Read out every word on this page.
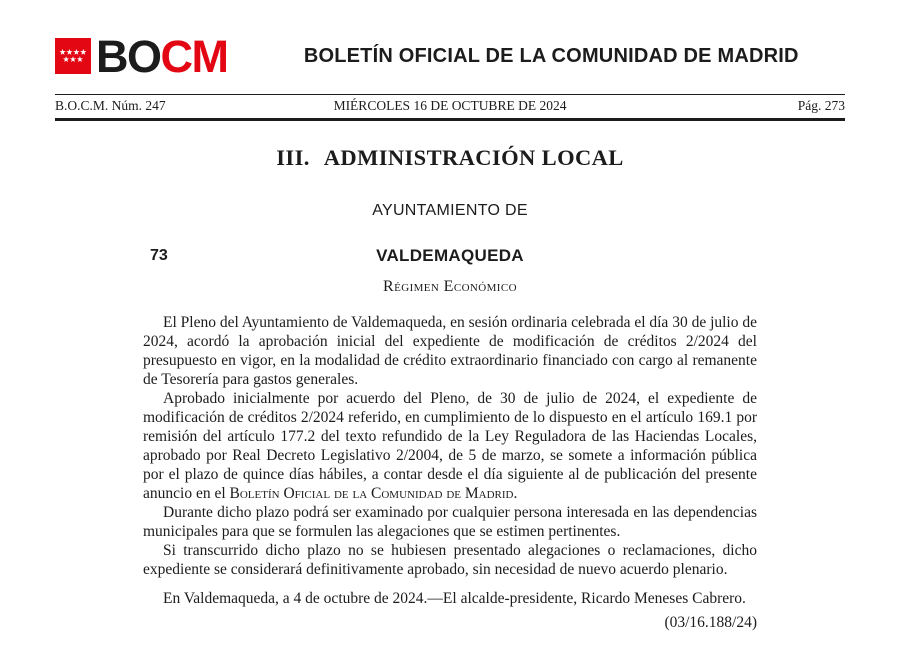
BOCM	BOLETÍN OFICIAL DE LA COMUNIDAD DE MADRID
B.O.C.M. Núm. 247	MIÉRCOLES 16 DE OCTUBRE DE 2024	Pág. 273
III. ADMINISTRACIÓN LOCAL
AYUNTAMIENTO DE
73	VALDEMAQUEDA
Régimen Económico

El Pleno del Ayuntamiento de Valdemaqueda, en sesión ordinaria celebrada el día 30 de julio de 2024, acordó la aprobación inicial del expediente de modificación de créditos 2/2024 del presupuesto en vigor, en la modalidad de crédito extraordinario financiado con cargo al remanente de Tesorería para gastos generales.

Aprobado inicialmente por acuerdo del Pleno, de 30 de julio de 2024, el expediente de modificación de créditos 2/2024 referido, en cumplimiento de lo dispuesto en el artículo 169.1 por remisión del artículo 177.2 del texto refundido de la Ley Reguladora de las Haciendas Locales, aprobado por Real Decreto Legislativo 2/2004, de 5 de marzo, se somete a información pública por el plazo de quince días hábiles, a contar desde el día siguiente al de publicación del presente anuncio en el Boletín Oficial de la Comunidad de Madrid.

Durante dicho plazo podrá ser examinado por cualquier persona interesada en las dependencias municipales para que se formulen las alegaciones que se estimen pertinentes.

Si transcurrido dicho plazo no se hubiesen presentado alegaciones o reclamaciones, dicho expediente se considerará definitivamente aprobado, sin necesidad de nuevo acuerdo plenario.

En Valdemaqueda, a 4 de octubre de 2024.—El alcalde-presidente, Ricardo Meneses Cabrero.

(03/16.188/24)
